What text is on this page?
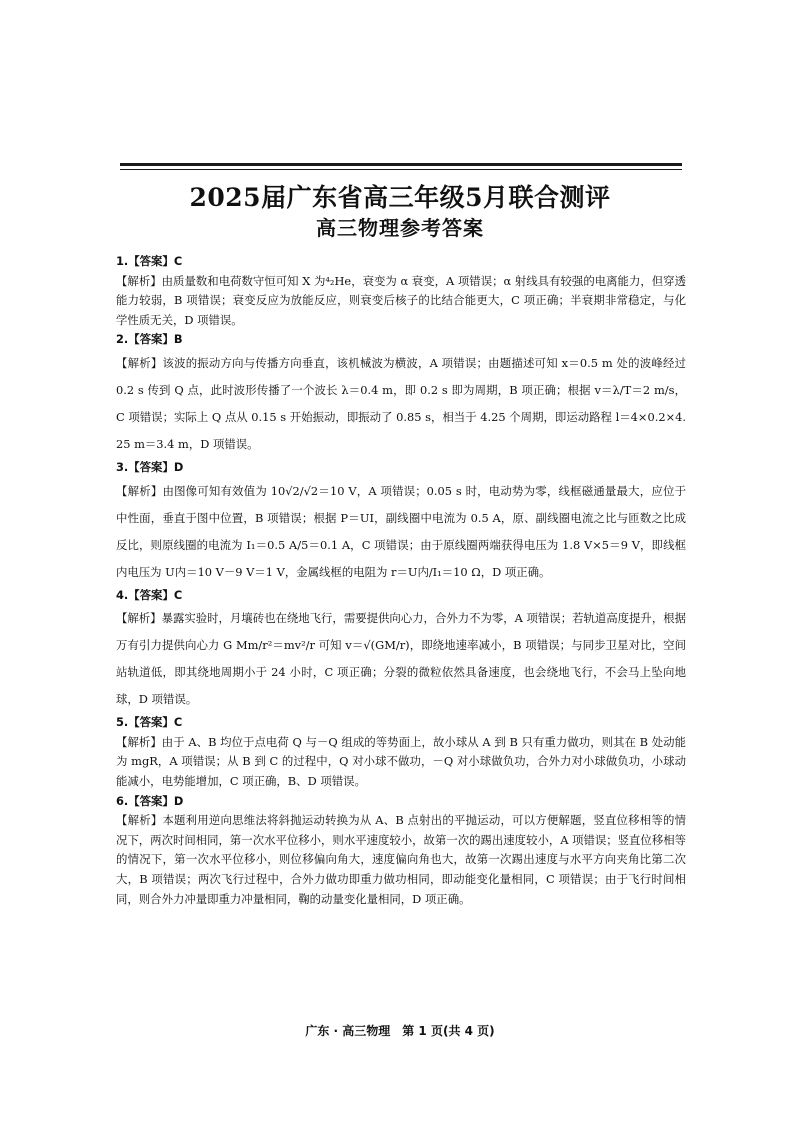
2025届广东省高三年级5月联合测评
高三物理参考答案
1.【答案】C
【解析】由质量数和电荷数守恒可知 X 为⁴₂He，衰变为 α 衰变，A 项错误；α 射线具有较强的电离能力，但穿透能力较弱，B 项错误；衰变反应为放能反应，则衰变后核子的比结合能更大，C 项正确；半衰期非常稳定，与化学性质无关，D 项错误。
2.【答案】B
【解析】该波的振动方向与传播方向垂直，该机械波为横波，A 项错误；由题描述可知 x＝0.5 m 处的波峰经过 0.2 s 传到 Q 点，此时波形传播了一个波长 λ＝0.4 m，即 0.2 s 即为周期，B 项正确；根据 v＝λ/T＝2 m/s，C 项错误；实际上 Q 点从 0.15 s 开始振动，即振动了 0.85 s，相当于 4.25 个周期，即运动路程 l＝4×0.2×4.25 m＝3.4 m，D 项错误。
3.【答案】D
【解析】由图像可知有效值为 10√2/√2＝10 V，A 项错误；0.05 s 时，电动势为零，线框磁通量最大，应位于中性面，垂直于图中位置，B 项错误；根据 P＝UI，副线圈中电流为 0.5 A，原、副线圈电流之比与匝数之比成反比，则原线圈的电流为 I₁＝0.5 A/5＝0.1 A，C 项错误；由于原线圈两端获得电压为 1.8 V×5＝9 V，即线框内电压为 U内＝10 V－9 V＝1 V，金属线框的电阻为 r＝U内/I₁＝10 Ω，D 项正确。
4.【答案】C
【解析】暴露实验时，月壤砖也在绕地飞行，需要提供向心力，合外力不为零，A 项错误；若轨道高度提升，根据万有引力提供向心力 G Mm/r²＝mv²/r 可知 v＝√(GM/r)，即绕地速率减小，B 项错误；与同步卫星对比，空间站轨道低，即其绕地周期小于 24 小时，C 项正确；分裂的微粒依然具备速度，也会绕地飞行，不会马上坠向地球，D 项错误。
5.【答案】C
【解析】由于 A、B 均位于点电荷 Q 与－Q 组成的等势面上，故小球从 A 到 B 只有重力做功，则其在 B 处动能为 mgR，A 项错误；从 B 到 C 的过程中，Q 对小球不做功，－Q 对小球做负功，合外力对小球做负功，小球动能减小，电势能增加，C 项正确，B、D 项错误。
6.【答案】D
【解析】本题利用逆向思维法将斜抛运动转换为从 A、B 点射出的平抛运动，可以方便解题，竖直位移相等的情况下，两次时间相同，第一次水平位移小，则水平速度较小，故第一次的踢出速度较小，A 项错误；竖直位移相等的情况下，第一次水平位移小，则位移偏向角大，速度偏向角也大，故第一次踢出速度与水平方向夹角比第二次大，B 项错误；两次飞行过程中，合外力做功即重力做功相同，即动能变化量相同，C 项错误；由于飞行时间相同，则合外力冲量即重力冲量相同，鞠的动量变化量相同，D 项正确。
广东 · 高三物理　第 1 页(共 4 页)
